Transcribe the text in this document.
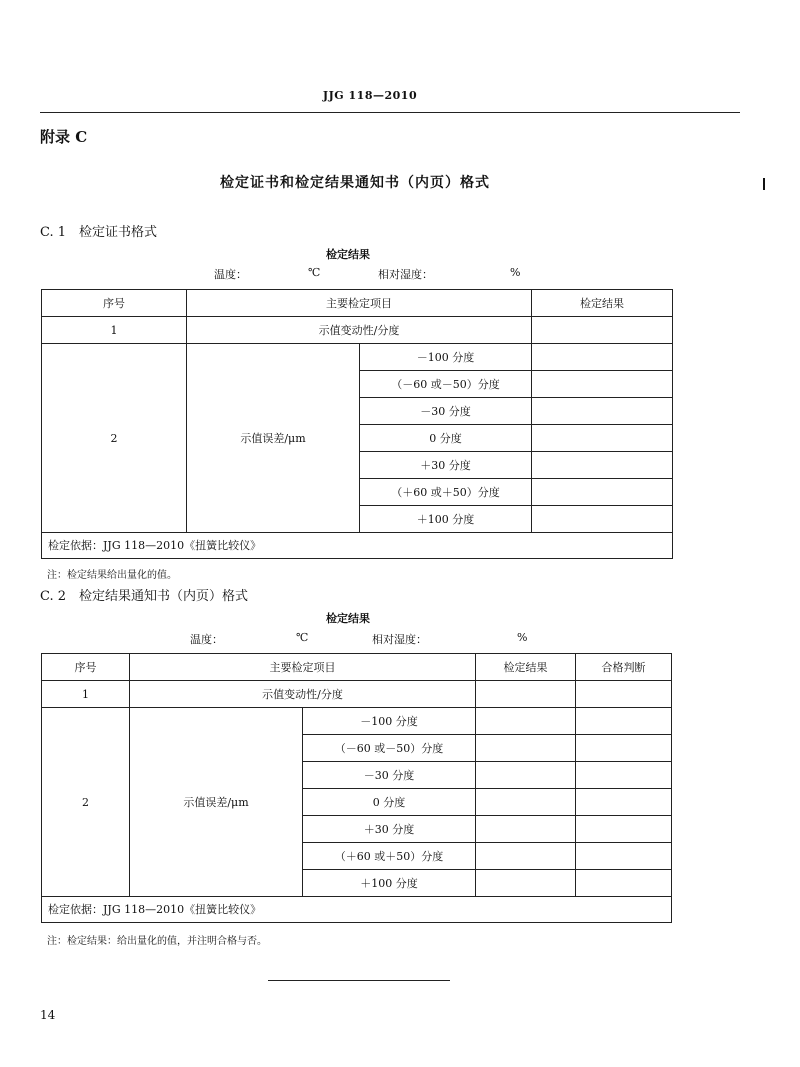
JJG 118—2010
附录 C
检定证书和检定结果通知书（内页）格式
C. 1　检定证书格式
检定结果
温度：	℃	相对湿度：	%
序号	主要检定项目		检定结果
1	示值变动性/分度		
2	示值误差/μm	－100 分度	
		（－60 或－50）分度	
		－30 分度	
		0 分度	
		＋30 分度	
		（＋60 或＋50）分度	
		＋100 分度	
检定依据：JJG 118—2010《扭簧比较仪》			
注：检定结果给出量化的值。
C. 2　检定结果通知书（内页）格式
检定结果
温度：	℃	相对湿度：	%
序号	主要检定项目		检定结果	合格判断
1	示值变动性/分度			
2	示值误差/μm	－100 分度		
		（－60 或－50）分度		
		－30 分度		
		0 分度		
		＋30 分度		
		（＋60 或＋50）分度		
		＋100 分度		
检定依据：JJG 118—2010《扭簧比较仪》				
注：检定结果：给出量化的值，并注明合格与否。
14
